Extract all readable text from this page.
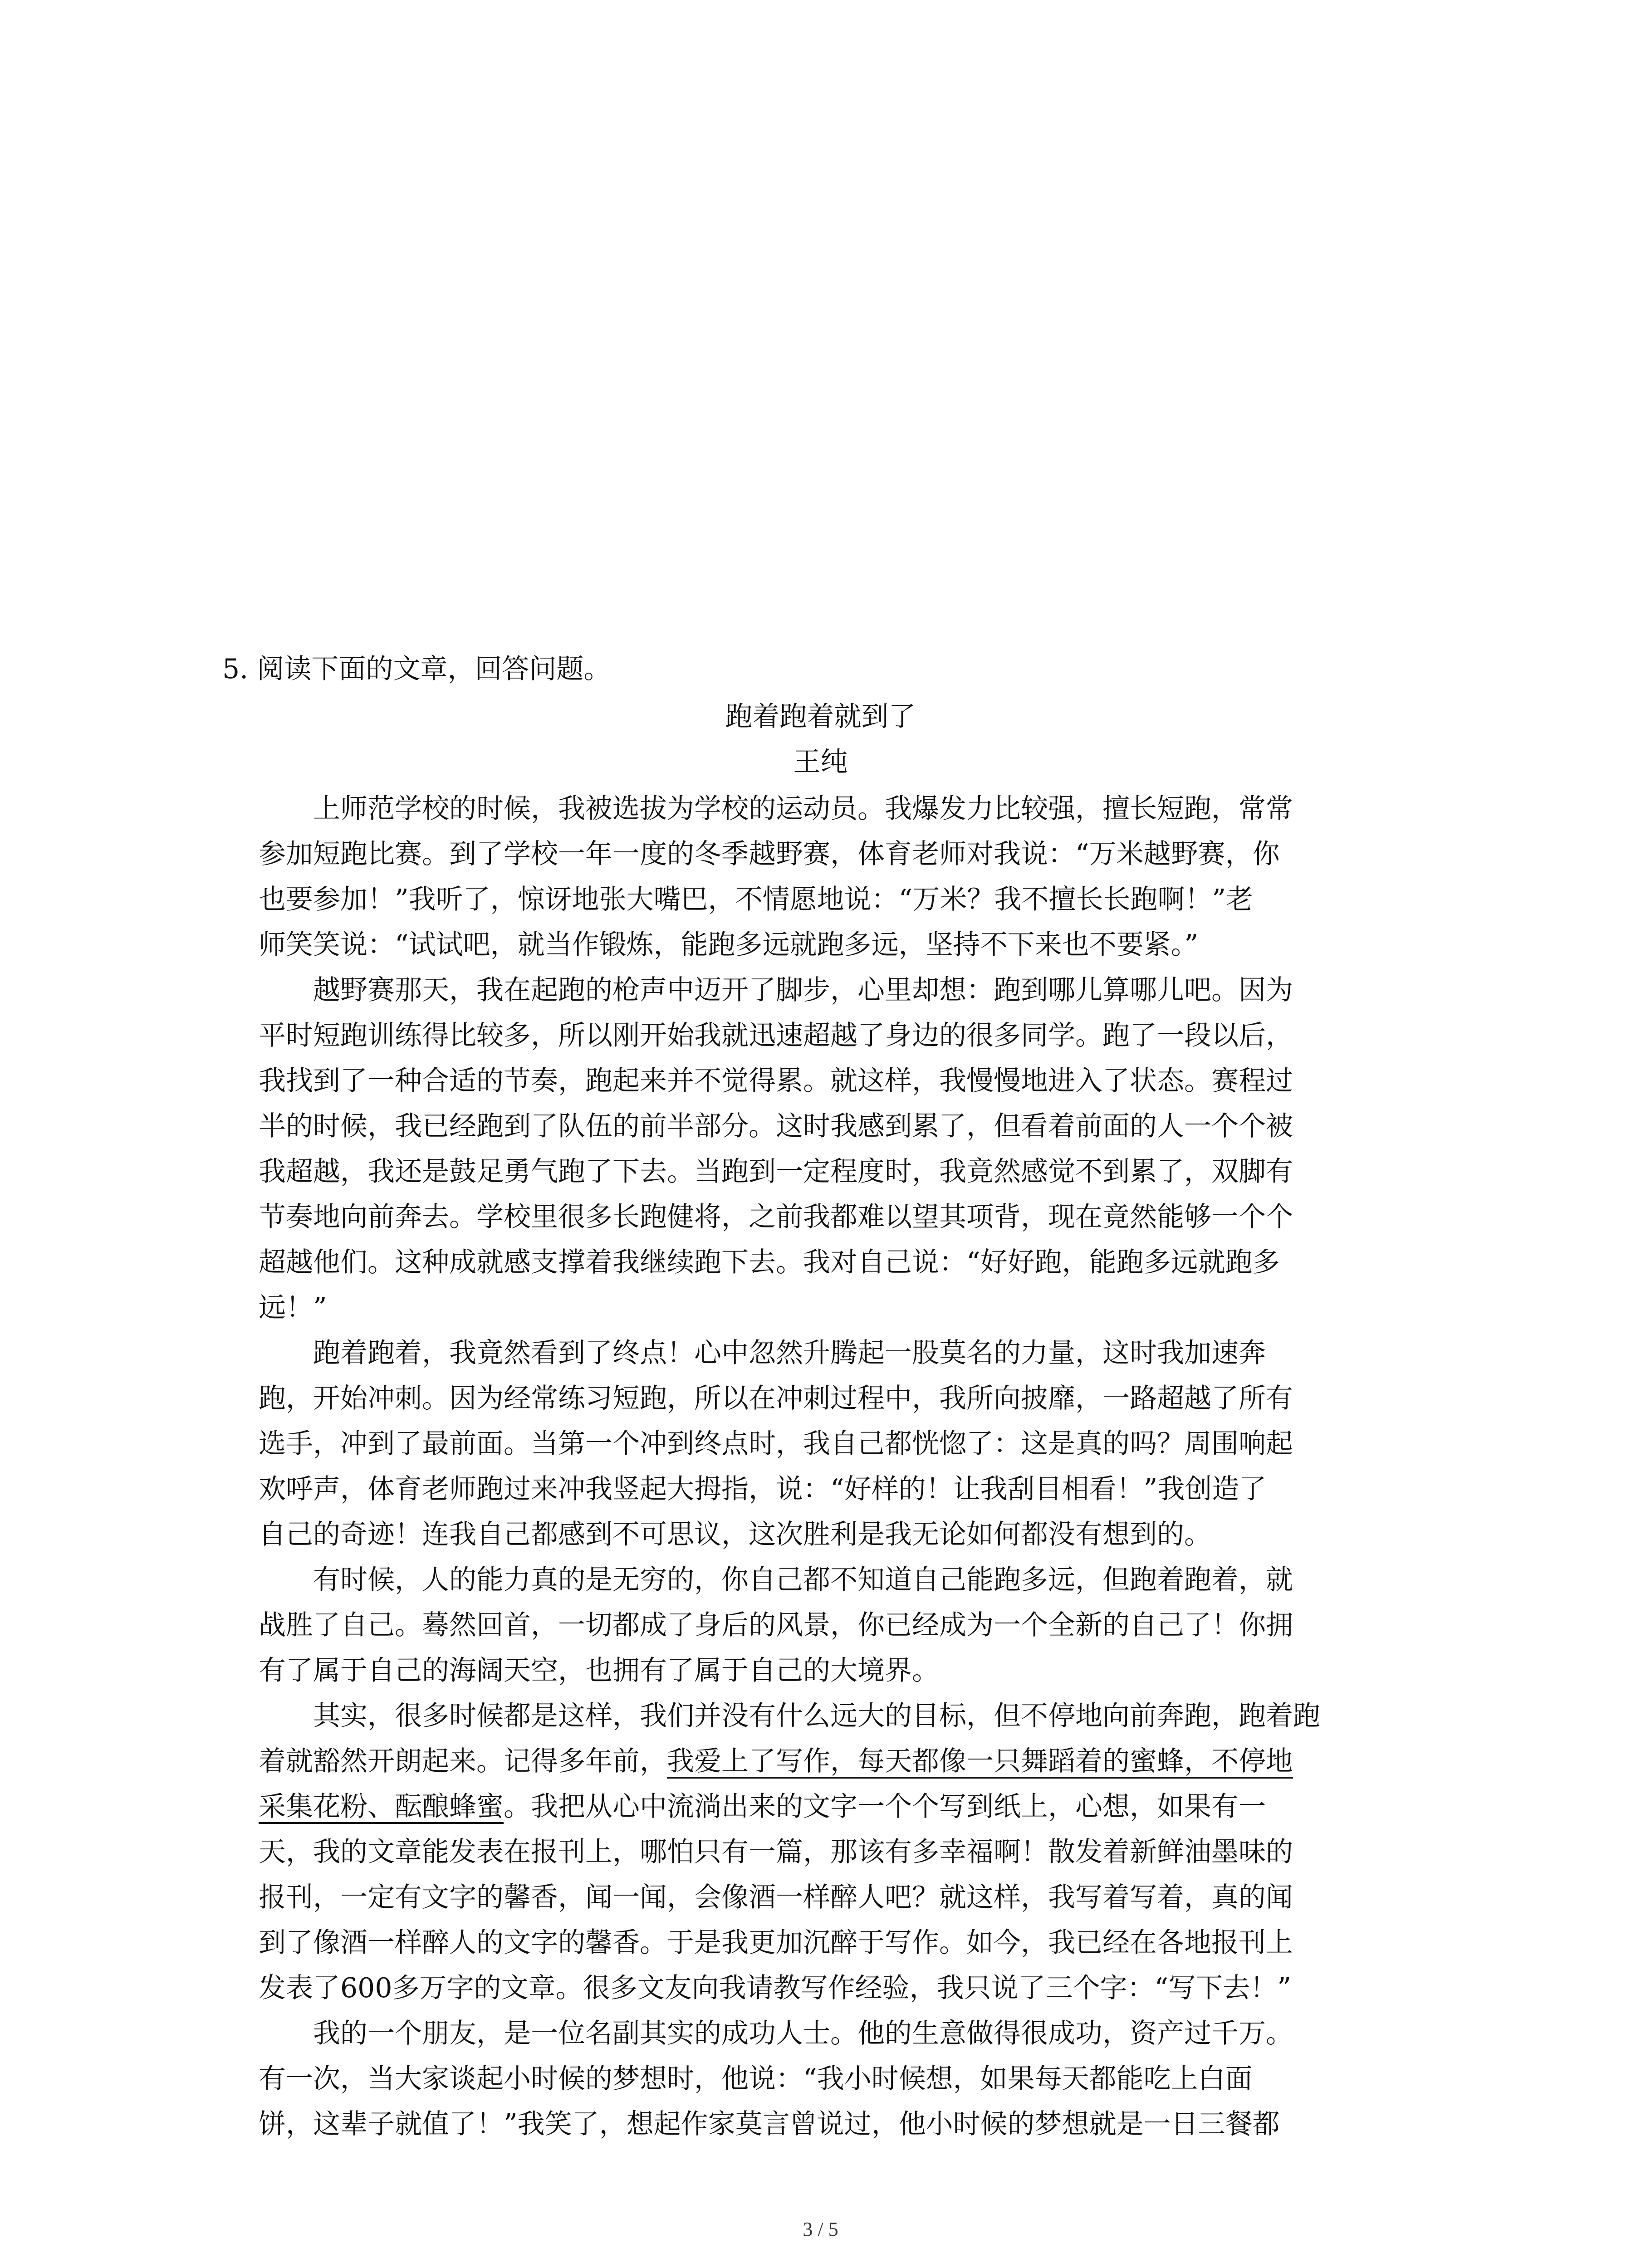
5. 阅读下面的文章，回答问题。
跑着跑着就到了
王纯
　　上师范学校的时候，我被选拔为学校的运动员。我爆发力比较强，擅长短跑，常常
参加短跑比赛。到了学校一年一度的冬季越野赛，体育老师对我说：“万米越野赛，你
也要参加！”我听了，惊讶地张大嘴巴，不情愿地说：“万米？我不擅长长跑啊！”老
师笑笑说：“试试吧，就当作锻炼，能跑多远就跑多远，坚持不下来也不要紧。”
　　越野赛那天，我在起跑的枪声中迈开了脚步，心里却想：跑到哪儿算哪儿吧。因为
平时短跑训练得比较多，所以刚开始我就迅速超越了身边的很多同学。跑了一段以后，
我找到了一种合适的节奏，跑起来并不觉得累。就这样，我慢慢地进入了状态。赛程过
半的时候，我已经跑到了队伍的前半部分。这时我感到累了，但看着前面的人一个个被
我超越，我还是鼓足勇气跑了下去。当跑到一定程度时，我竟然感觉不到累了，双脚有
节奏地向前奔去。学校里很多长跑健将，之前我都难以望其项背，现在竟然能够一个个
超越他们。这种成就感支撑着我继续跑下去。我对自己说：“好好跑，能跑多远就跑多
远！”
　　跑着跑着，我竟然看到了终点！心中忽然升腾起一股莫名的力量，这时我加速奔
跑，开始冲刺。因为经常练习短跑，所以在冲刺过程中，我所向披靡，一路超越了所有
选手，冲到了最前面。当第一个冲到终点时，我自己都恍惚了：这是真的吗？周围响起
欢呼声，体育老师跑过来冲我竖起大拇指，说：“好样的！让我刮目相看！”我创造了
自己的奇迹！连我自己都感到不可思议，这次胜利是我无论如何都没有想到的。
　　有时候，人的能力真的是无穷的，你自己都不知道自己能跑多远，但跑着跑着，就
战胜了自己。蓦然回首，一切都成了身后的风景，你已经成为一个全新的自己了！你拥
有了属于自己的海阔天空，也拥有了属于自己的大境界。
　　其实，很多时候都是这样，我们并没有什么远大的目标，但不停地向前奔跑，跑着跑
着就豁然开朗起来。记得多年前，我爱上了写作，每天都像一只舞蹈着的蜜蜂，不停地
采集花粉、酝酿蜂蜜。我把从心中流淌出来的文字一个个写到纸上，心想，如果有一
天，我的文章能发表在报刊上，哪怕只有一篇，那该有多幸福啊！散发着新鲜油墨味的
报刊，一定有文字的馨香，闻一闻，会像酒一样醉人吧？就这样，我写着写着，真的闻
到了像酒一样醉人的文字的馨香。于是我更加沉醉于写作。如今，我已经在各地报刊上
发表了600多万字的文章。很多文友向我请教写作经验，我只说了三个字：“写下去！”
　　我的一个朋友，是一位名副其实的成功人士。他的生意做得很成功，资产过千万。
有一次，当大家谈起小时候的梦想时，他说：“我小时候想，如果每天都能吃上白面
饼，这辈子就值了！”我笑了，想起作家莫言曾说过，他小时候的梦想就是一日三餐都
3 / 5
